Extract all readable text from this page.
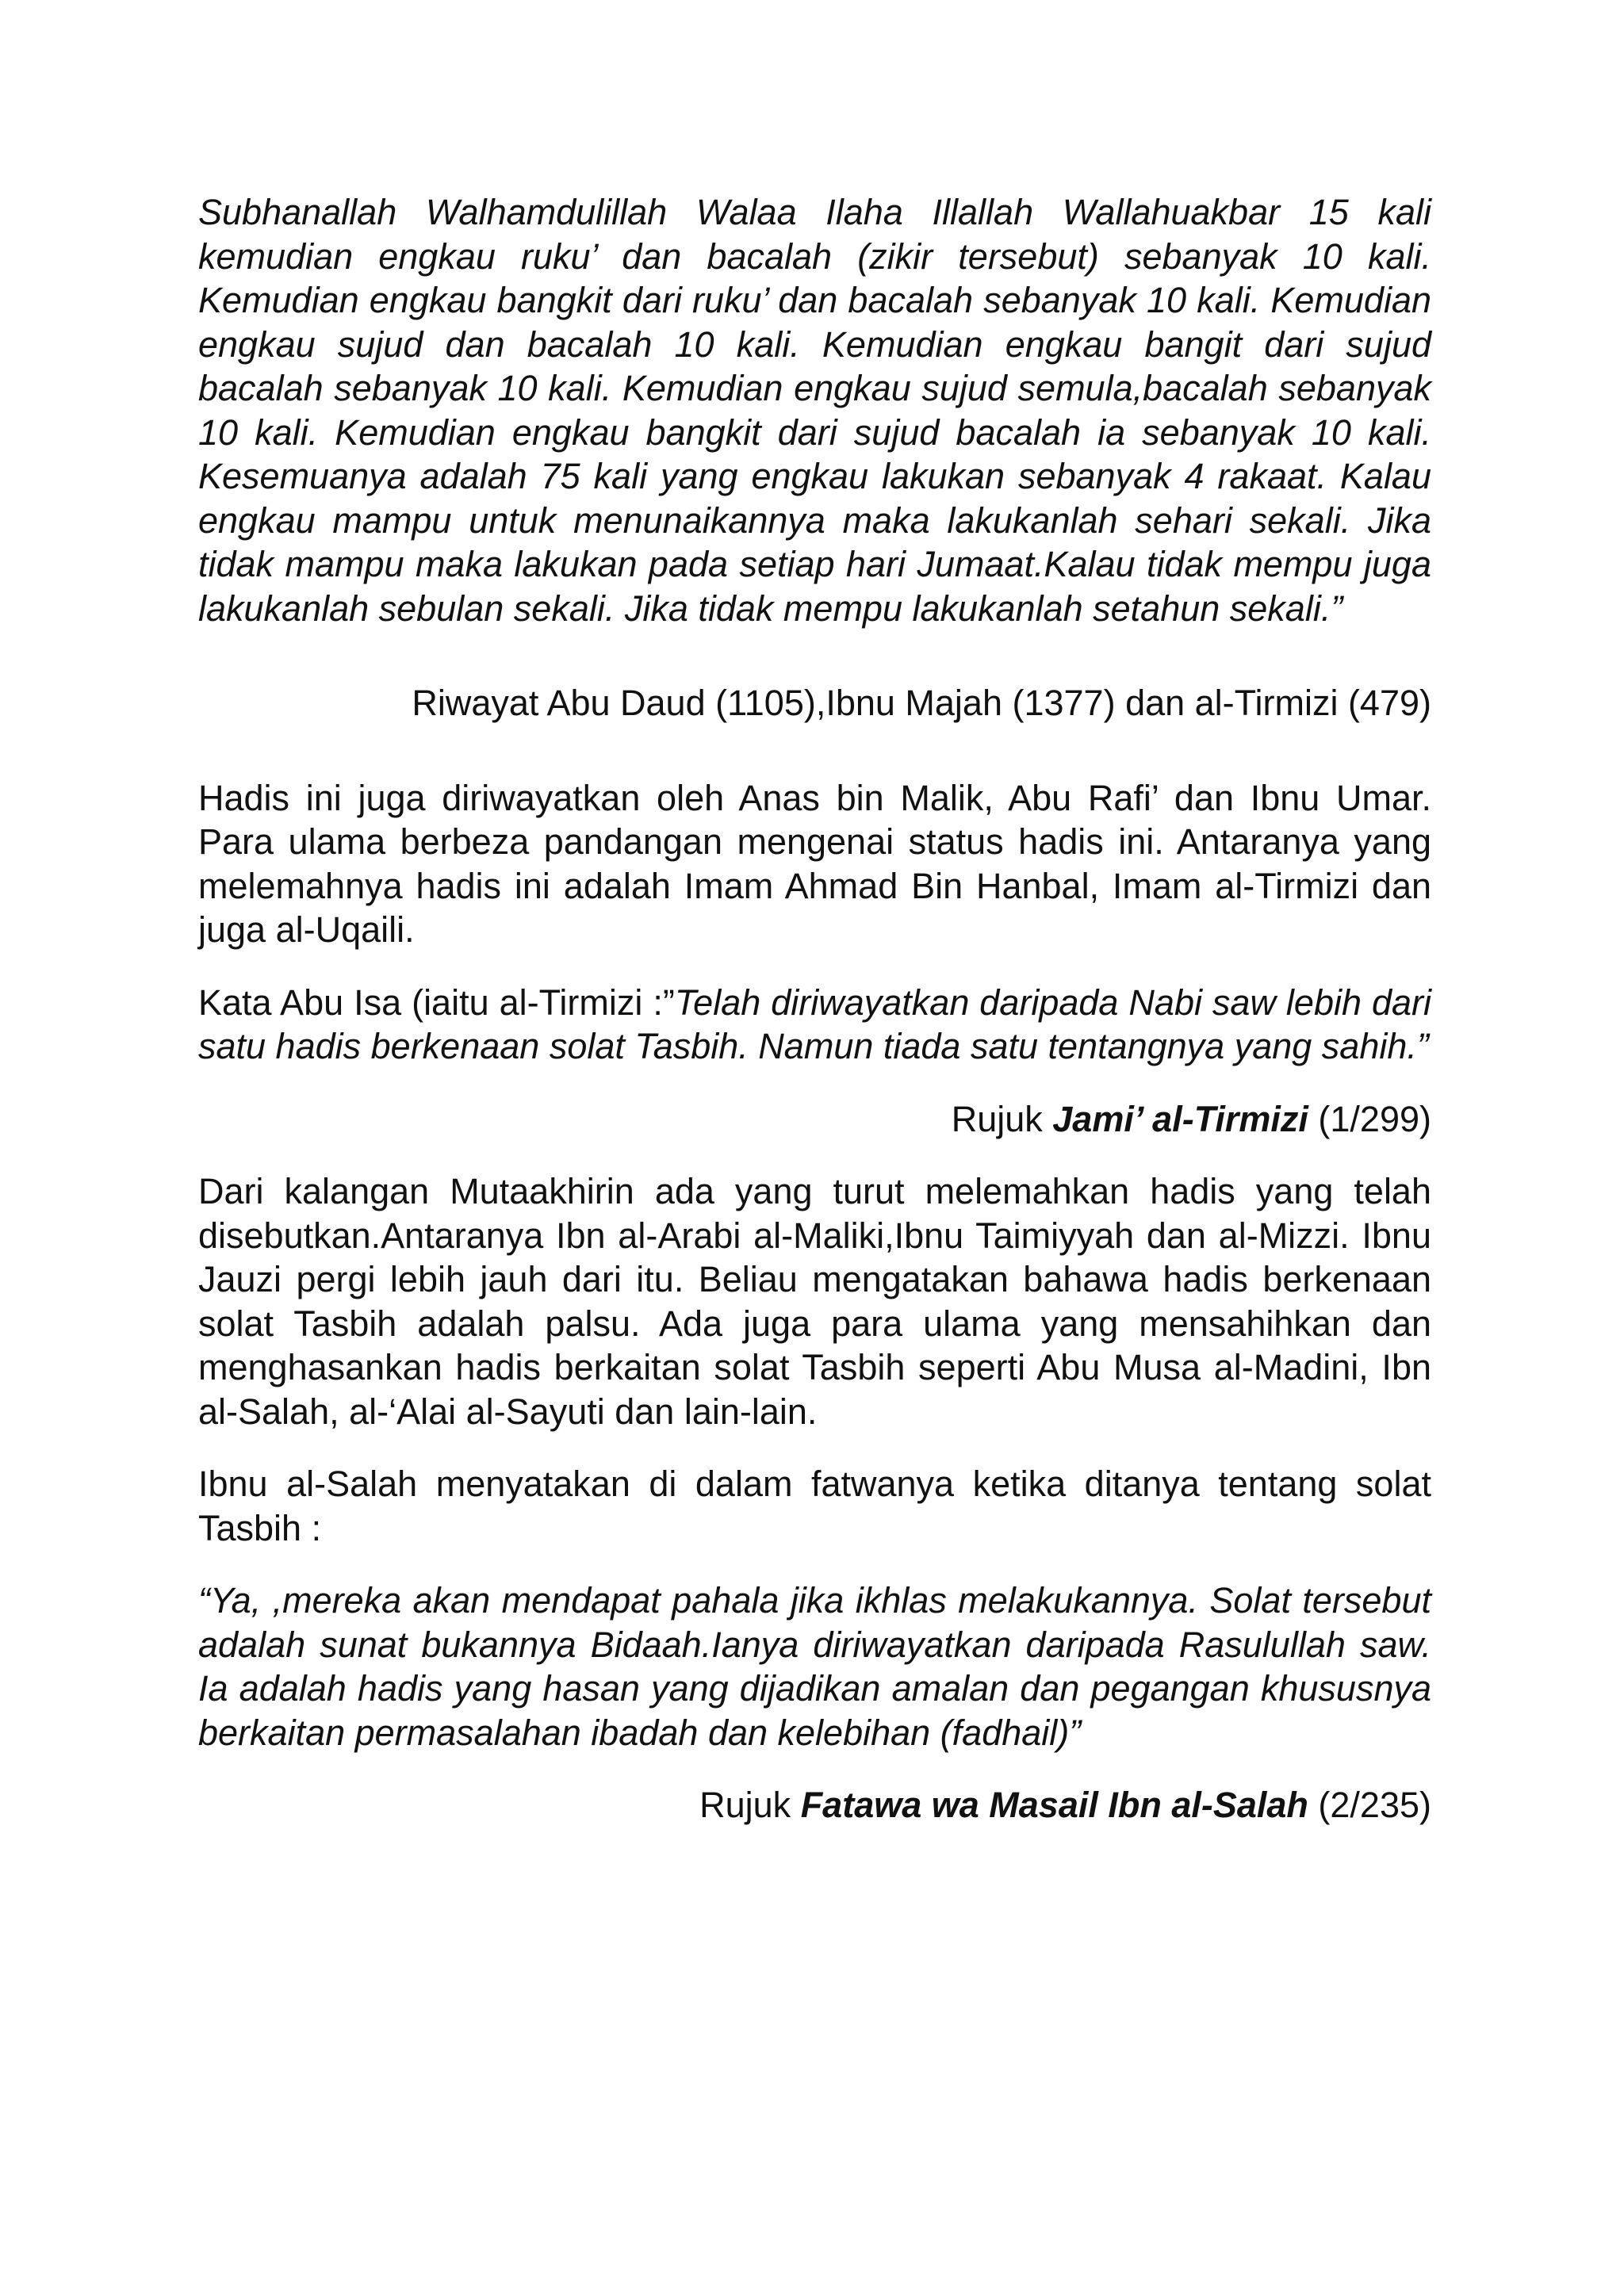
Subhanallah Walhamdulillah Walaa Ilaha Illallah Wallahuakbar 15 kali kemudian engkau ruku’ dan bacalah (zikir tersebut) sebanyak 10 kali. Kemudian engkau bangkit dari ruku’ dan bacalah sebanyak 10 kali. Kemudian engkau sujud dan bacalah 10 kali. Kemudian engkau bangit dari sujud bacalah sebanyak 10 kali. Kemudian engkau sujud semula,bacalah sebanyak 10 kali. Kemudian engkau bangkit dari sujud bacalah ia sebanyak 10 kali. Kesemuanya adalah 75 kali yang engkau lakukan sebanyak 4 rakaat. Kalau engkau mampu untuk menunaikannya maka lakukanlah sehari sekali. Jika tidak mampu maka lakukan pada setiap hari Jumaat.Kalau tidak mempu juga lakukanlah sebulan sekali. Jika tidak mempu lakukanlah setahun sekali.”

Riwayat Abu Daud (1105),Ibnu Majah (1377) dan al-Tirmizi (479)

Hadis ini juga diriwayatkan oleh Anas bin Malik, Abu Rafi’ dan Ibnu Umar. Para ulama berbeza pandangan mengenai status hadis ini. Antaranya yang melemahnya hadis ini adalah Imam Ahmad Bin Hanbal, Imam al-Tirmizi dan juga al-Uqaili.

Kata Abu Isa (iaitu al-Tirmizi :”Telah diriwayatkan daripada Nabi saw lebih dari satu hadis berkenaan solat Tasbih. Namun tiada satu tentangnya yang sahih.”

Rujuk Jami’ al-Tirmizi (1/299)

Dari kalangan Mutaakhirin ada yang turut melemahkan hadis yang telah disebutkan.Antaranya Ibn al-Arabi al-Maliki,Ibnu Taimiyyah dan al-Mizzi. Ibnu Jauzi pergi lebih jauh dari itu. Beliau mengatakan bahawa hadis berkenaan solat Tasbih adalah palsu. Ada juga para ulama yang mensahihkan dan menghasankan hadis berkaitan solat Tasbih seperti Abu Musa al-Madini, Ibn al-Salah, al-‘Alai al-Sayuti dan lain-lain.

Ibnu al-Salah menyatakan di dalam fatwanya ketika ditanya tentang solat Tasbih :

“Ya, ,mereka akan mendapat pahala jika ikhlas melakukannya. Solat tersebut adalah sunat bukannya Bidaah.Ianya diriwayatkan daripada Rasulullah saw. Ia adalah hadis yang hasan yang dijadikan amalan dan pegangan khususnya berkaitan permasalahan ibadah dan kelebihan (fadhail)”

Rujuk Fatawa wa Masail Ibn al-Salah (2/235)
